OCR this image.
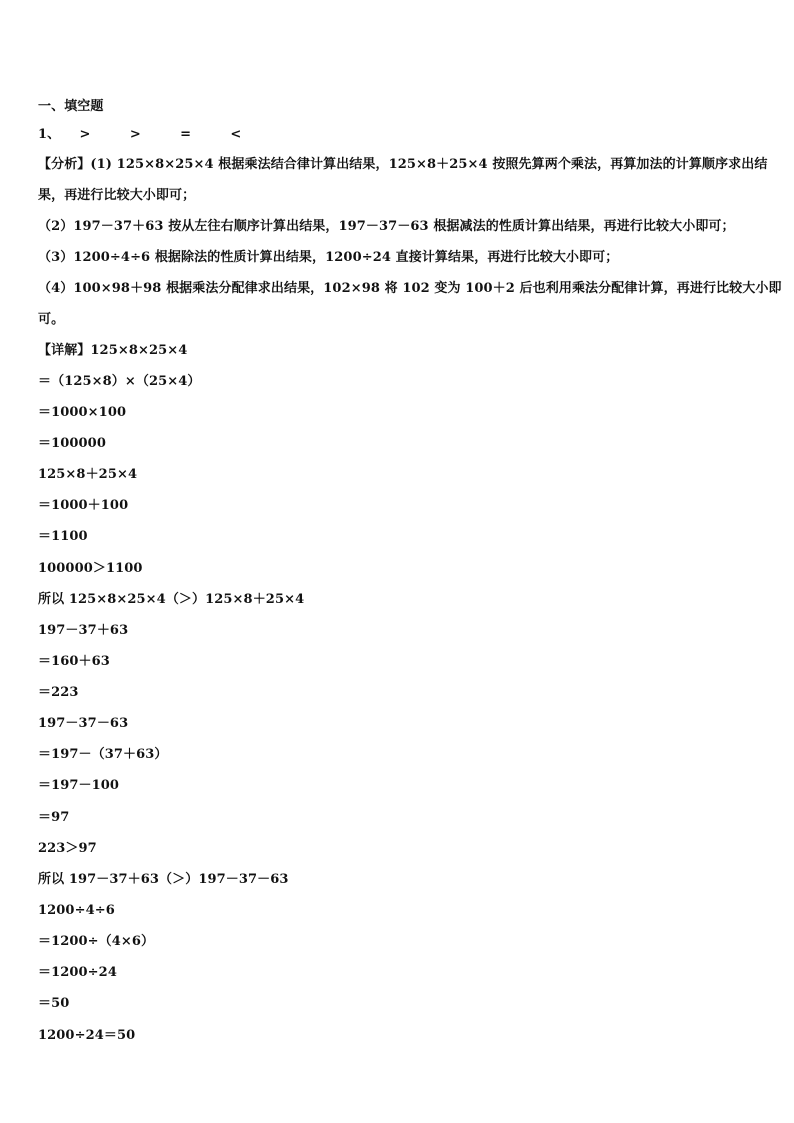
一、填空题
1、 >	>	=	<
【分析】(1) 125×8×25×4 根据乘法结合律计算出结果，125×8＋25×4 按照先算两个乘法，再算加法的计算顺序求出结
果，再进行比较大小即可；
（2）197－37＋63 按从左往右顺序计算出结果，197－37－63 根据减法的性质计算出结果，再进行比较大小即可；
（3）1200÷4÷6 根据除法的性质计算出结果，1200÷24 直接计算结果，再进行比较大小即可；
（4）100×98＋98 根据乘法分配律求出结果，102×98 将 102 变为 100＋2 后也利用乘法分配律计算，再进行比较大小即
可。
【详解】125×8×25×4
＝（125×8）×（25×4）
＝1000×100
＝100000
125×8＋25×4
＝1000＋100
＝1100
100000＞1100
所以 125×8×25×4（＞）125×8＋25×4
197－37＋63
＝160＋63
＝223
197－37－63
＝197－（37＋63）
＝197－100
＝97
223＞97
所以 197－37＋63（＞）197－37－63
1200÷4÷6
＝1200÷（4×6）
＝1200÷24
＝50
1200÷24＝50
